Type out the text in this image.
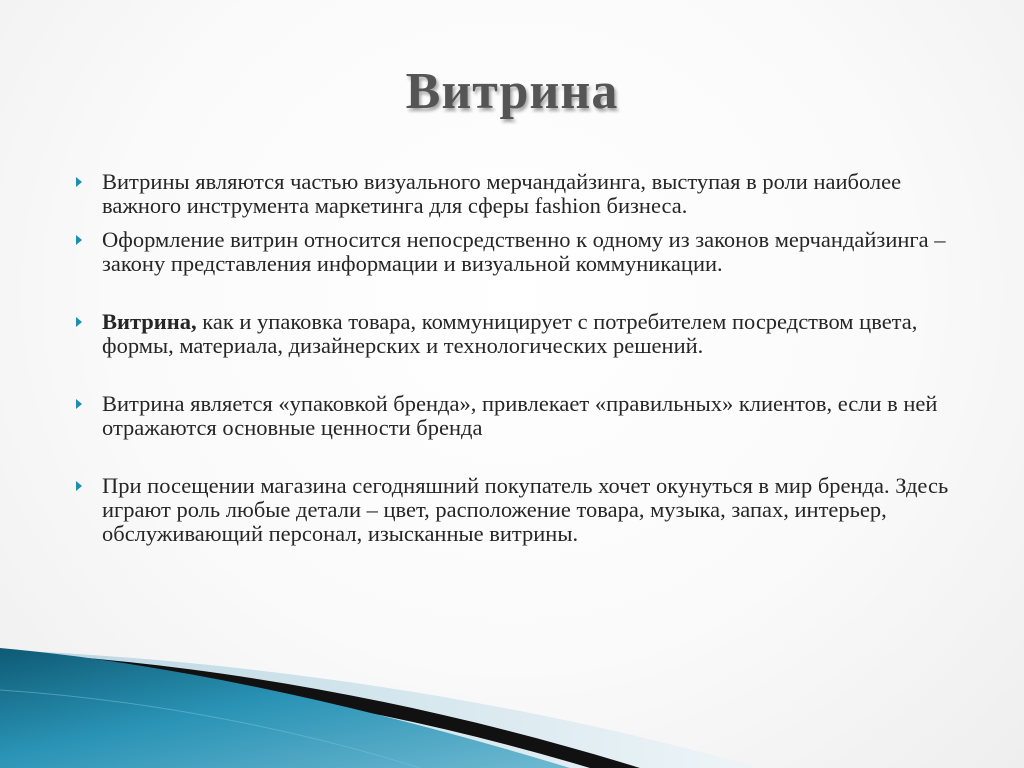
Витрина
Витрины являются частью визуального мерчандайзинга, выступая в роли наиболее важного инструмента маркетинга для сферы fashion бизнеса.
Оформление витрин относится непосредственно к одному из законов мерчандайзинга – закону представления информации и визуальной коммуникации.
Витрина, как и упаковка товара, коммуницирует с потребителем посредством цвета, формы, материала, дизайнерских и технологических решений.
Витрина является «упаковкой бренда», привлекает «правильных» клиентов, если в ней отражаются основные ценности бренда
При посещении магазина сегодняшний покупатель хочет окунуться в мир бренда. Здесь играют роль любые детали – цвет, расположение товара, музыка, запах, интерьер, обслуживающий персонал, изысканные витрины.
